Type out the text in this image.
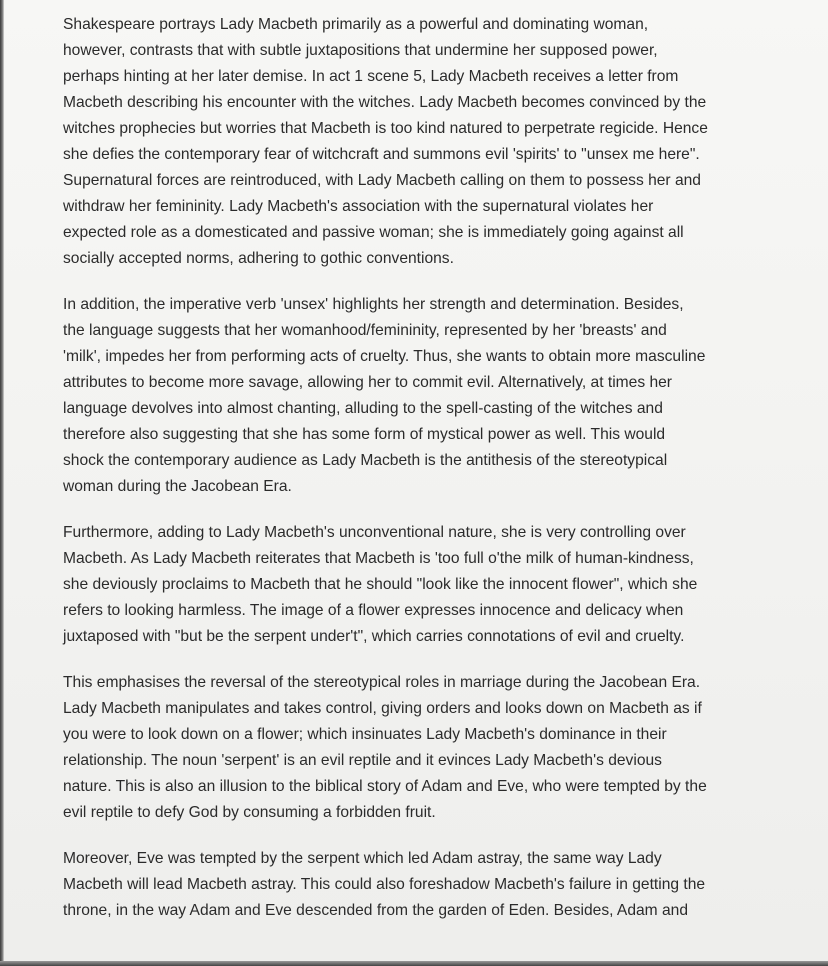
Shakespeare portrays Lady Macbeth primarily as a powerful and dominating woman,
however, contrasts that with subtle juxtapositions that undermine her supposed power,
perhaps hinting at her later demise. In act 1 scene 5, Lady Macbeth receives a letter from
Macbeth describing his encounter with the witches. Lady Macbeth becomes convinced by the
witches prophecies but worries that Macbeth is too kind natured to perpetrate regicide. Hence
she defies the contemporary fear of witchcraft and summons evil 'spirits' to "unsex me here".
Supernatural forces are reintroduced, with Lady Macbeth calling on them to possess her and
withdraw her femininity. Lady Macbeth's association with the supernatural violates her
expected role as a domesticated and passive woman; she is immediately going against all
socially accepted norms, adhering to gothic conventions.

In addition, the imperative verb 'unsex' highlights her strength and determination. Besides,
the language suggests that her womanhood/femininity, represented by her 'breasts' and
'milk', impedes her from performing acts of cruelty. Thus, she wants to obtain more masculine
attributes to become more savage, allowing her to commit evil. Alternatively, at times her
language devolves into almost chanting, alluding to the spell-casting of the witches and
therefore also suggesting that she has some form of mystical power as well. This would
shock the contemporary audience as Lady Macbeth is the antithesis of the stereotypical
woman during the Jacobean Era.

Furthermore, adding to Lady Macbeth's unconventional nature, she is very controlling over
Macbeth. As Lady Macbeth reiterates that Macbeth is 'too full o'the milk of human-kindness,
she deviously proclaims to Macbeth that he should "look like the innocent flower", which she
refers to looking harmless. The image of a flower expresses innocence and delicacy when
juxtaposed with "but be the serpent under't", which carries connotations of evil and cruelty.

This emphasises the reversal of the stereotypical roles in marriage during the Jacobean Era.
Lady Macbeth manipulates and takes control, giving orders and looks down on Macbeth as if
you were to look down on a flower; which insinuates Lady Macbeth's dominance in their
relationship. The noun 'serpent' is an evil reptile and it evinces Lady Macbeth's devious
nature. This is also an illusion to the biblical story of Adam and Eve, who were tempted by the
evil reptile to defy God by consuming a forbidden fruit.

Moreover, Eve was tempted by the serpent which led Adam astray, the same way Lady
Macbeth will lead Macbeth astray. This could also foreshadow Macbeth's failure in getting the
throne, in the way Adam and Eve descended from the garden of Eden. Besides, Adam and
